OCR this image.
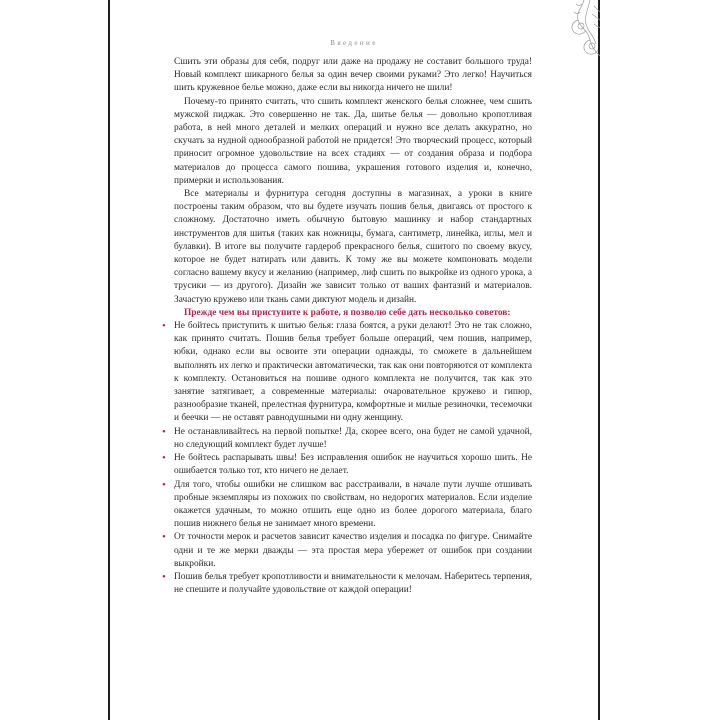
Введение

Сшить эти образы для себя, подруг или даже на продажу не составит большого труда! Новый комплект шикарного белья за один вечер своими руками? Это легко! Научиться шить кружевное белье можно, даже если вы никогда ничего не шили!

Почему-то принято считать, что сшить комплект женского белья сложнее, чем сшить мужской пиджак. Это совершенно не так. Да, шитье белья — довольно кропотливая работа, в ней много деталей и мелких операций и нужно все делать аккуратно, но скучать за нудной однообразной работой не придется! Это творческий процесс, который приносит огромное удовольствие на всех стадиях — от создания образа и подбора материалов до процесса самого пошива, украшения готового изделия и, конечно, примерки и использования.

Все материалы и фурнитура сегодня доступны в магазинах, а уроки в книге построены таким образом, что вы будете изучать пошив белья, двигаясь от простого к сложному. Достаточно иметь обычную бытовую машинку и набор стандартных инструментов для шитья (таких как ножницы, бумага, сантиметр, линейка, иглы, мел и булавки). В итоге вы получите гардероб прекрасного белья, сшитого по своему вкусу, которое не будет натирать или давить. К тому же вы можете компоновать модели согласно вашему вкусу и желанию (например, лиф сшить по выкройке из одного урока, а трусики — из другого). Дизайн же зависит только от ваших фантазий и материалов. Зачастую кружево или ткань сами диктуют модель и дизайн.

Прежде чем вы приступите к работе, я позволю себе дать несколько советов:

• Не бойтесь приступить к шитью белья: глаза боятся, а руки делают! Это не так сложно, как принято считать. Пошив белья требует больше операций, чем пошив, например, юбки, однако если вы освоите эти операции однажды, то сможете в дальнейшем выполнять их легко и практически автоматически, так как они повторяются от комплекта к комплекту. Остановиться на пошиве одного комплекта не получится, так как это занятие затягивает, а современные материалы: очаровательное кружево и гипюр, разнообразие тканей, прелестная фурнитура, комфортные и милые резиночки, тесемочки и беечки — не оставят равнодушными ни одну женщину.
• Не останавливайтесь на первой попытке! Да, скорее всего, она будет не самой удачной, но следующий комплект будет лучше!
• Не бойтесь распарывать швы! Без исправления ошибок не научиться хорошо шить. Не ошибается только тот, кто ничего не делает.
• Для того, чтобы ошибки не слишком вас расстраивали, в начале пути лучше отшивать пробные экземпляры из похожих по свойствам, но недорогих материалов. Если изделие окажется удачным, то можно отшить еще одно из более дорогого материала, благо пошив нижнего белья не занимает много времени.
• От точности мерок и расчетов зависит качество изделия и посадка по фигуре. Снимайте одни и те же мерки дважды — эта простая мера убережет от ошибок при создании выкройки.
• Пошив белья требует кропотливости и внимательности к мелочам. Наберитесь терпения, не спешите и получайте удовольствие от каждой операции!
